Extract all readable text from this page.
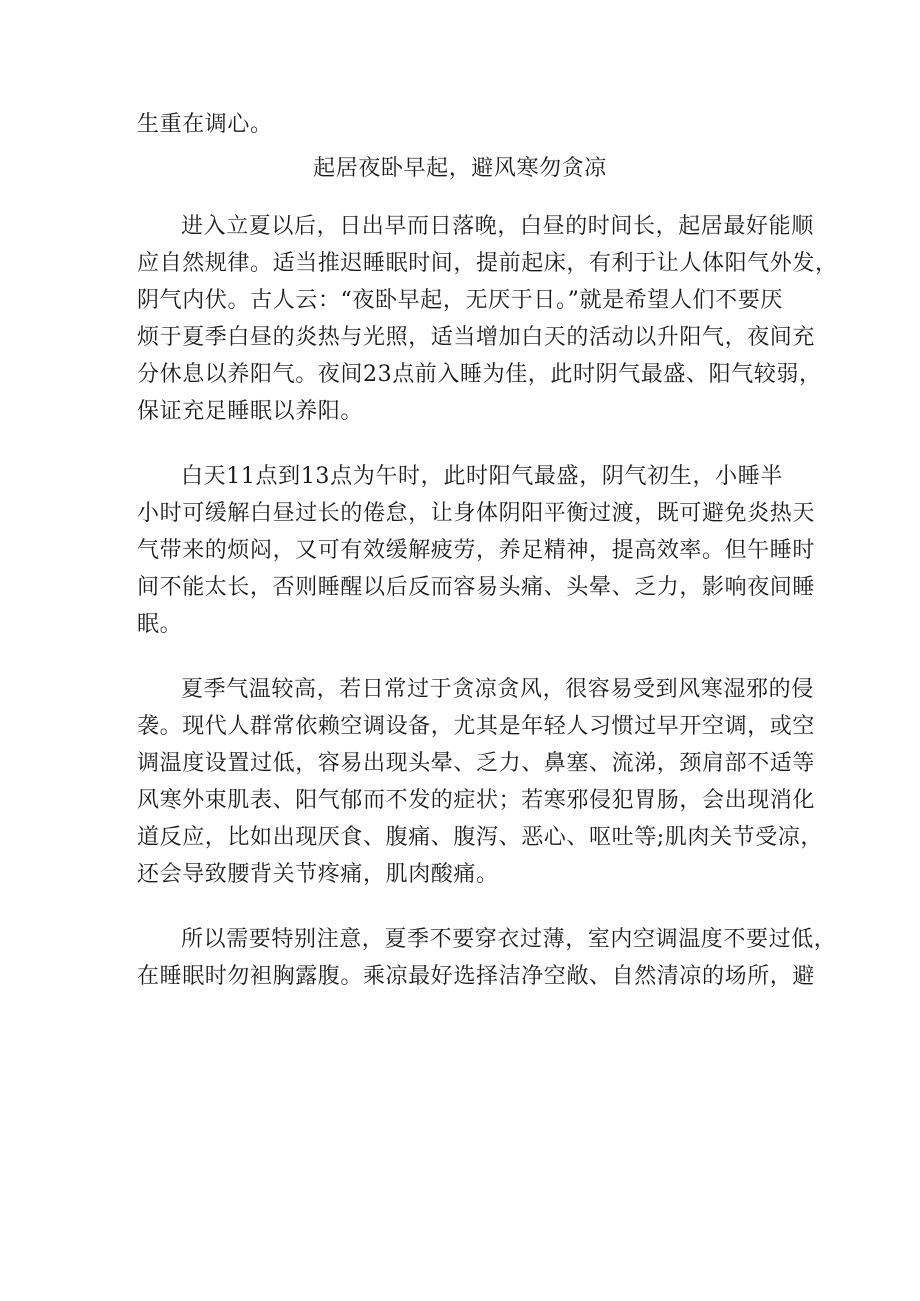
生重在调心。
起居夜卧早起，避风寒勿贪凉
进入立夏以后，日出早而日落晚，白昼的时间长，起居最好能顺
应自然规律。适当推迟睡眠时间，提前起床，有利于让人体阳气外发，
阴气内伏。古人云：“夜卧早起，无厌于日。”就是希望人们不要厌
烦于夏季白昼的炎热与光照，适当增加白天的活动以升阳气，夜间充
分休息以养阳气。夜间23点前入睡为佳，此时阴气最盛、阳气较弱，
保证充足睡眠以养阳。
白天11点到13点为午时，此时阳气最盛，阴气初生，小睡半
小时可缓解白昼过长的倦怠，让身体阴阳平衡过渡，既可避免炎热天
气带来的烦闷，又可有效缓解疲劳，养足精神，提高效率。但午睡时
间不能太长，否则睡醒以后反而容易头痛、头晕、乏力，影响夜间睡
眠。
夏季气温较高，若日常过于贪凉贪风，很容易受到风寒湿邪的侵
袭。现代人群常依赖空调设备，尤其是年轻人习惯过早开空调，或空
调温度设置过低，容易出现头晕、乏力、鼻塞、流涕，颈肩部不适等
风寒外束肌表、阳气郁而不发的症状；若寒邪侵犯胃肠，会出现消化
道反应，比如出现厌食、腹痛、腹泻、恶心、呕吐等;肌肉关节受凉，
还会导致腰背关节疼痛，肌肉酸痛。
所以需要特别注意，夏季不要穿衣过薄，室内空调温度不要过低，
在睡眠时勿袒胸露腹。乘凉最好选择洁净空敞、自然清凉的场所，避
